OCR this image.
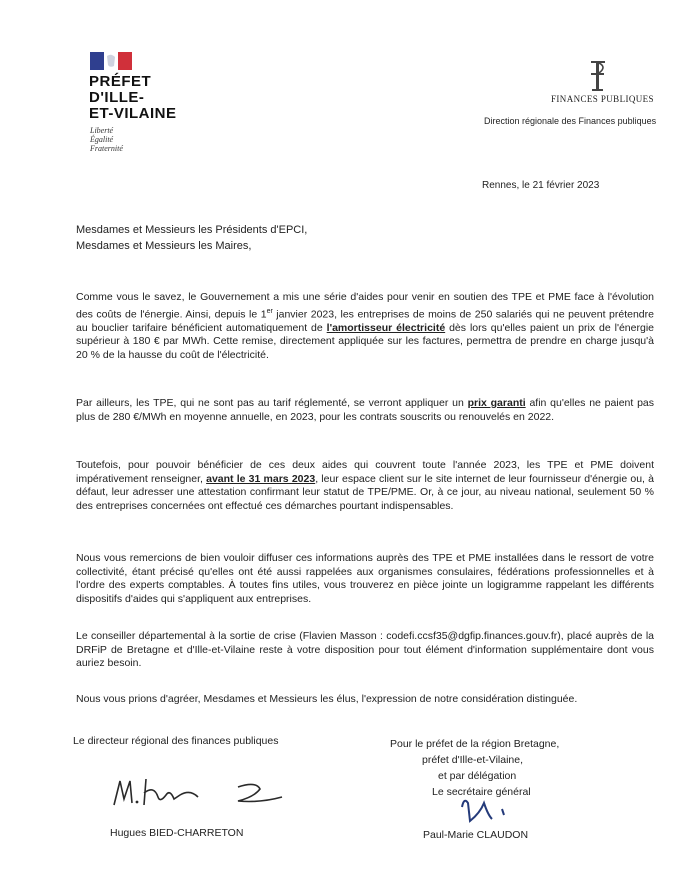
PRÉFET
D'ILLE-
ET-VILAINE
Liberté
Égalité
Fraternité
FINANCES PUBLIQUES
Direction régionale des Finances publiques
Rennes, le 21 février 2023
Mesdames et Messieurs les Présidents d'EPCI,
Mesdames et Messieurs les Maires,
Comme vous le savez, le Gouvernement a mis une série d'aides pour venir en soutien des TPE et PME face à l'évolution des coûts de l'énergie. Ainsi, depuis le 1er janvier 2023, les entreprises de moins de 250 salariés qui ne peuvent prétendre au bouclier tarifaire bénéficient automatiquement de l'amortisseur électricité dès lors qu'elles paient un prix de l'énergie supérieur à 180 € par MWh. Cette remise, directement appliquée sur les factures, permettra de prendre en charge jusqu'à 20 % de la hausse du coût de l'électricité.
Par ailleurs, les TPE, qui ne sont pas au tarif réglementé, se verront appliquer un prix garanti afin qu'elles ne paient pas plus de 280 €/MWh en moyenne annuelle, en 2023, pour les contrats souscrits ou renouvelés en 2022.
Toutefois, pour pouvoir bénéficier de ces deux aides qui couvrent toute l'année 2023, les TPE et PME doivent impérativement renseigner, avant le 31 mars 2023, leur espace client sur le site internet de leur fournisseur d'énergie ou, à défaut, leur adresser une attestation confirmant leur statut de TPE/PME. Or, à ce jour, au niveau national, seulement 50 % des entreprises concernées ont effectué ces démarches pourtant indispensables.
Nous vous remercions de bien vouloir diffuser ces informations auprès des TPE et PME installées dans le ressort de votre collectivité, étant précisé qu'elles ont été aussi rappelées aux organismes consulaires, fédérations professionnelles et à l'ordre des experts comptables. À toutes fins utiles, vous trouverez en pièce jointe un logigramme rappelant les différents dispositifs d'aides qui s'appliquent aux entreprises.
Le conseiller départemental à la sortie de crise (Flavien Masson : codefi.ccsf35@dgfip.finances.gouv.fr), placé auprès de la DRFiP de Bretagne et d'Ille-et-Vilaine reste à votre disposition pour tout élément d'information supplémentaire dont vous auriez besoin.
Nous vous prions d'agréer, Mesdames et Messieurs les élus, l'expression de notre considération distinguée.
Le directeur régional des finances publiques	Pour le préfet de la région Bretagne,
préfet d'Ille-et-Vilaine,
et par délégation
Le secrétaire général
Hugues BIED-CHARRETON	Paul-Marie CLAUDON
